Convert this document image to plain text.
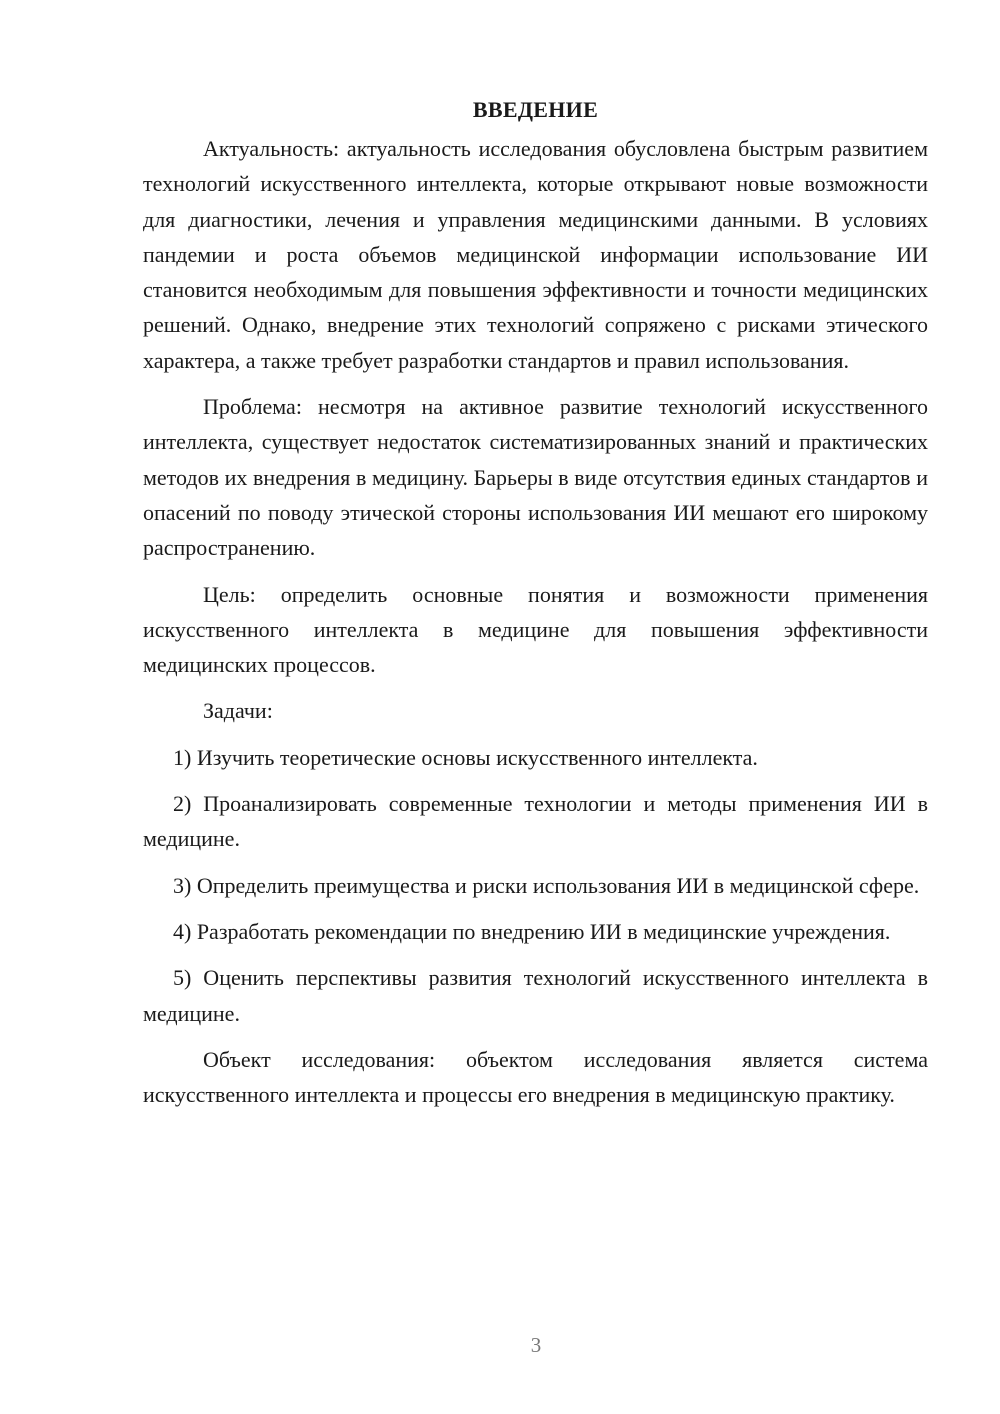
ВВЕДЕНИЕ

Актуальность: актуальность исследования обусловлена быстрым развитием технологий искусственного интеллекта, которые открывают новые возможности для диагностики, лечения и управления медицинскими данными. В условиях пандемии и роста объемов медицинской информации использование ИИ становится необходимым для повышения эффективности и точности медицинских решений. Однако, внедрение этих технологий сопряжено с рисками этического характера, а также требует разработки стандартов и правил использования.

Проблема: несмотря на активное развитие технологий искусственного интеллекта, существует недостаток систематизированных знаний и практических методов их внедрения в медицину. Барьеры в виде отсутствия единых стандартов и опасений по поводу этической стороны использования ИИ мешают его широкому распространению.

Цель: определить основные понятия и возможности применения искусственного интеллекта в медицине для повышения эффективности медицинских процессов.

Задачи:

1) Изучить теоретические основы искусственного интеллекта.

2) Проанализировать современные технологии и методы применения ИИ в медицине.

3) Определить преимущества и риски использования ИИ в медицинской сфере.

4) Разработать рекомендации по внедрению ИИ в медицинские учреждения.

5) Оценить перспективы развития технологий искусственного интеллекта в медицине.

Объект исследования: объектом исследования является система искусственного интеллекта и процессы его внедрения в медицинскую практику.

3
